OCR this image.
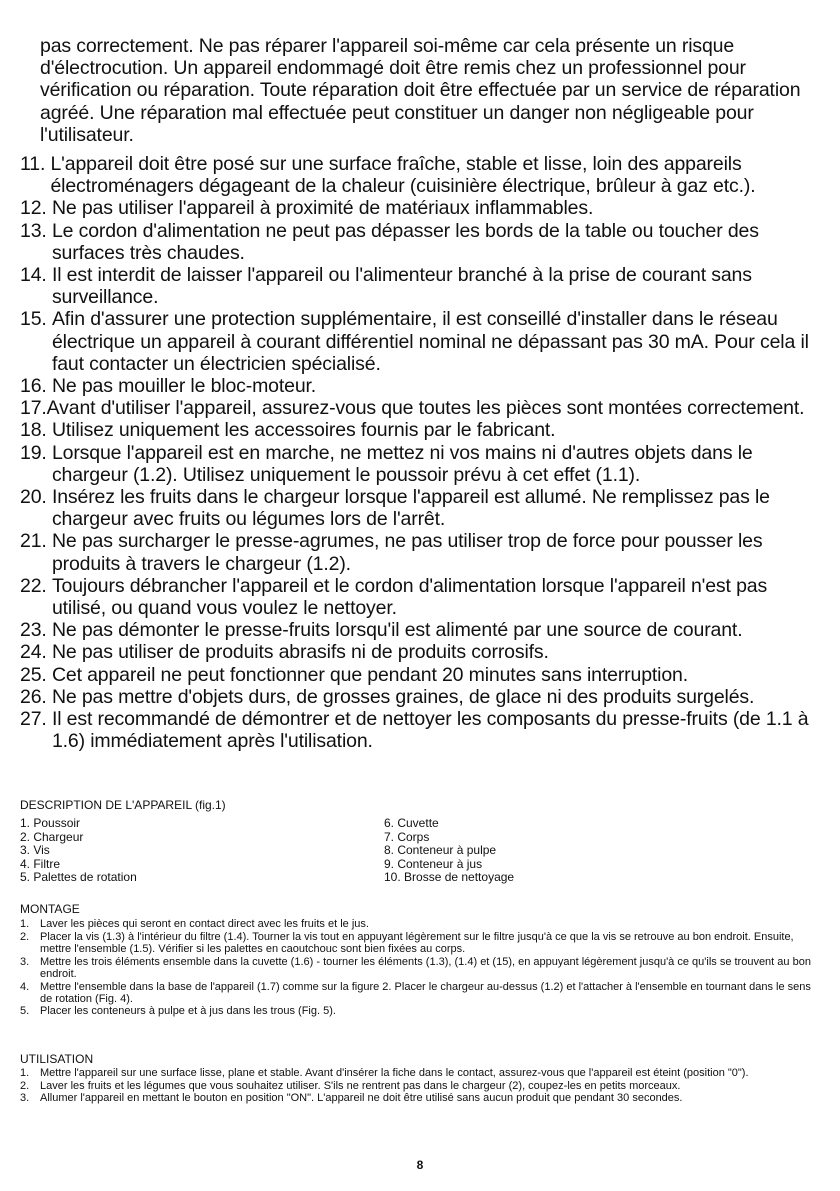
pas correctement. Ne pas réparer l'appareil soi-même car cela présente un risque d'électrocution. Un appareil endommagé doit être remis chez un professionnel pour vérification ou réparation. Toute réparation doit être effectuée par un service de réparation agréé. Une réparation mal effectuée peut constituer un danger non négligeable pour l'utilisateur.

11. L'appareil doit être posé sur une surface fraîche, stable et lisse, loin des appareils électroménagers dégageant de la chaleur (cuisinière électrique, brûleur à gaz etc.).
12. Ne pas utiliser l'appareil à proximité de matériaux inflammables.
13. Le cordon d'alimentation ne peut pas dépasser les bords de la table ou toucher des surfaces très chaudes.
14. Il est interdit de laisser l'appareil ou l'alimenteur branché à la prise de courant sans surveillance.
15. Afin d'assurer une protection supplémentaire, il est conseillé d'installer dans le réseau électrique un appareil à courant différentiel nominal ne dépassant pas 30 mA. Pour cela il faut contacter un électricien spécialisé.
16. Ne pas mouiller le bloc-moteur.
17. Avant d'utiliser l'appareil, assurez-vous que toutes les pièces sont montées correctement.
18. Utilisez uniquement les accessoires fournis par le fabricant.
19. Lorsque l'appareil est en marche, ne mettez ni vos mains ni d'autres objets dans le chargeur (1.2). Utilisez uniquement le poussoir prévu à cet effet (1.1).
20. Insérez les fruits dans le chargeur lorsque l'appareil est allumé. Ne remplissez pas le chargeur avec fruits ou légumes lors de l'arrêt.
21. Ne pas surcharger le presse-agrumes, ne pas utiliser trop de force pour pousser les produits à travers le chargeur (1.2).
22. Toujours débrancher l'appareil et le cordon d'alimentation lorsque l'appareil n'est pas utilisé, ou quand vous voulez le nettoyer.
23. Ne pas démonter le presse-fruits lorsqu'il est alimenté par une source de courant.
24. Ne pas utiliser de produits abrasifs ni de produits corrosifs.
25. Cet appareil ne peut fonctionner que pendant 20 minutes sans interruption.
26. Ne pas mettre d'objets durs, de grosses graines, de glace ni des produits surgelés.
27. Il est recommandé de démontrer et de nettoyer les composants du presse-fruits (de 1.1 à 1.6) immédiatement après l'utilisation.
DESCRIPTION DE L'APPAREIL (fig.1)
1. Poussoir
2. Chargeur
3. Vis
4. Filtre
5. Palettes de rotation
6. Cuvette
7. Corps
8. Conteneur à pulpe
9. Conteneur à jus
10. Brosse de nettoyage
MONTAGE
1. Laver les pièces qui seront en contact direct avec les fruits et le jus.
2. Placer la vis (1.3) à l'intérieur du filtre (1.4). Tourner la vis tout en appuyant légèrement sur le filtre jusqu'à ce que la vis se retrouve au bon endroit. Ensuite, mettre l'ensemble (1.5). Vérifier si les palettes en caoutchouc sont bien fixées au corps.
3. Mettre les trois éléments ensemble dans la cuvette (1.6) - tourner les éléments (1.3), (1.4) et (15), en appuyant légèrement jusqu'à ce qu'ils se trouvent au bon endroit.
4. Mettre l'ensemble dans la base de l'appareil (1.7) comme sur la figure 2. Placer le chargeur au-dessus (1.2) et l'attacher à l'ensemble en tournant dans le sens de rotation (Fig. 4).
5. Placer les conteneurs à pulpe et à jus dans les trous (Fig. 5).
UTILISATION
1. Mettre l'appareil sur une surface lisse, plane et stable. Avant d'insérer la fiche dans le contact, assurez-vous que l'appareil est éteint (position "0").
2. Laver les fruits et les légumes que vous souhaitez utiliser. S'ils ne rentrent pas dans le chargeur (2), coupez-les en petits morceaux.
3. Allumer l'appareil en mettant le bouton en position "ON". L'appareil ne doit être utilisé sans aucun produit que pendant 30 secondes.
8
